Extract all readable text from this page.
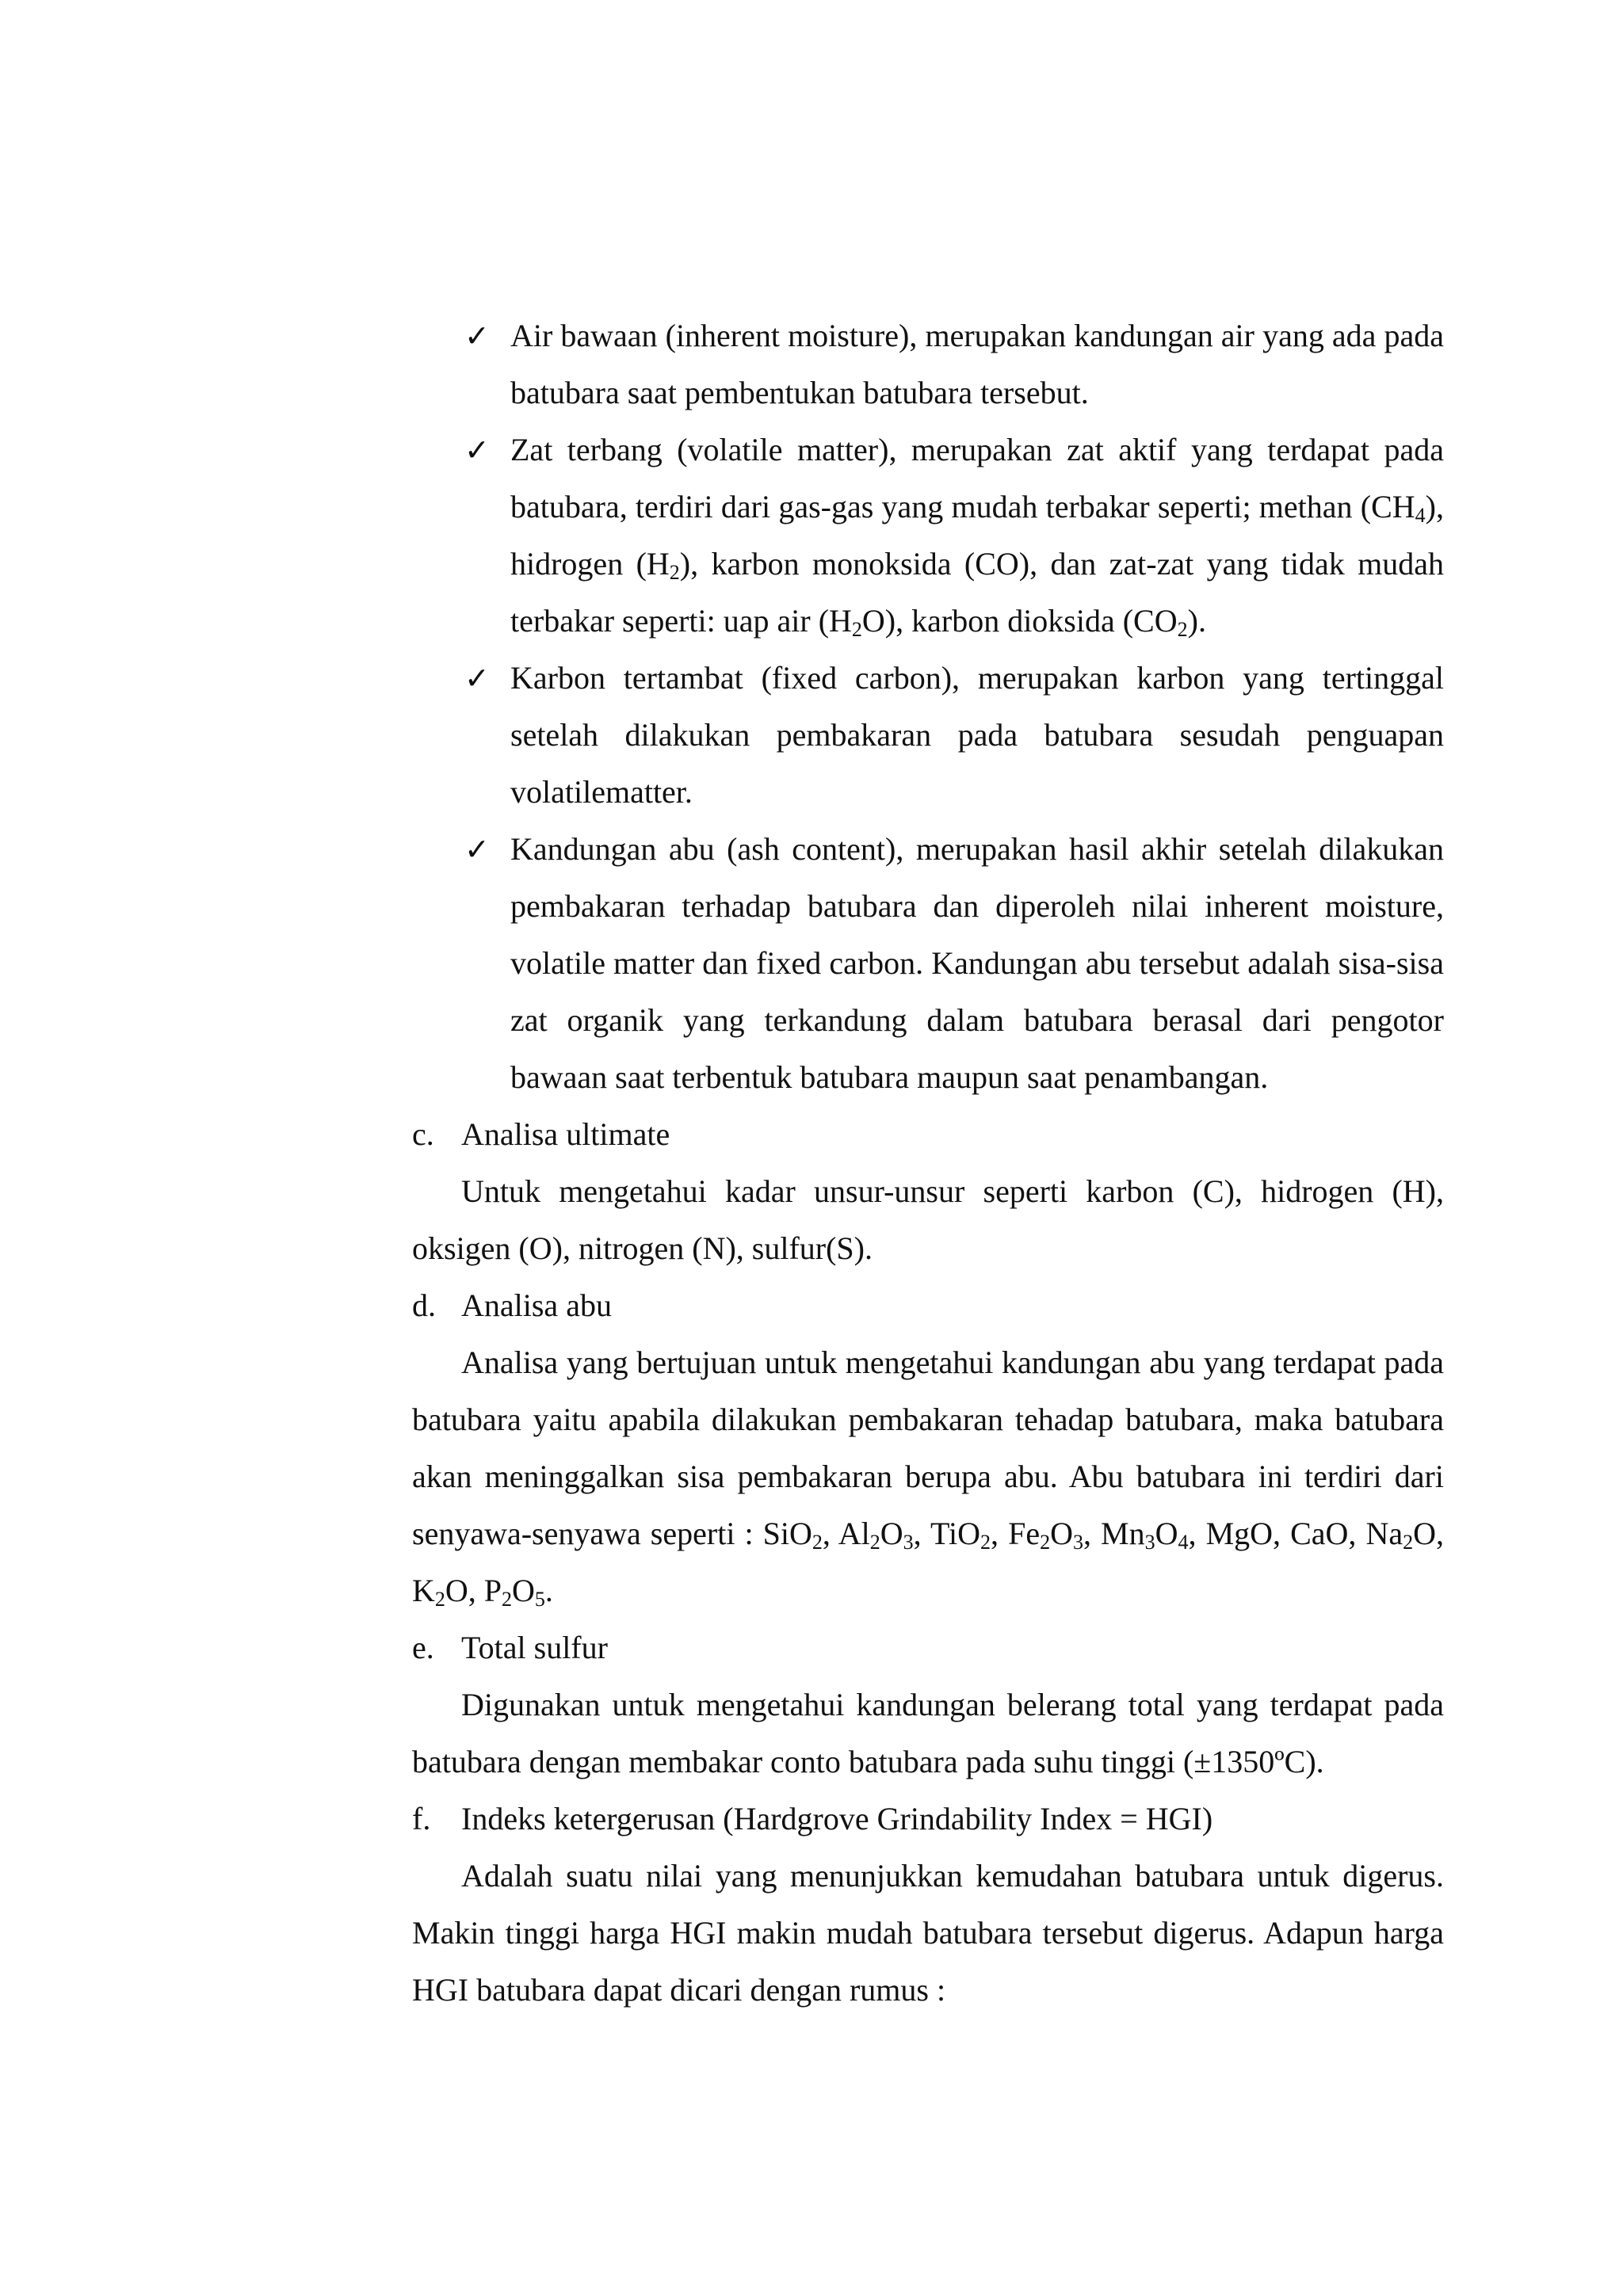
✓ Air bawaan (inherent moisture), merupakan kandungan air yang ada pada batubara saat pembentukan batubara tersebut.
✓ Zat terbang (volatile matter), merupakan zat aktif yang terdapat pada batubara, terdiri dari gas-gas yang mudah terbakar seperti; methan $(CH_4)$, hidrogen $(H_2)$, karbon monoksida (CO), dan zat-zat yang tidak mudah terbakar seperti: uap air $(H_2O)$, karbon dioksida $(CO_2)$.
✓ Karbon tertambat (fixed carbon), merupakan karbon yang tertinggal setelah dilakukan pembakaran pada batubara sesudah penguapan volatilematter.
✓ Kandungan abu (ash content), merupakan hasil akhir setelah dilakukan pembakaran terhadap batubara dan diperoleh nilai inherent moisture, volatile matter dan fixed carbon. Kandungan abu tersebut adalah sisa-sisa zat organik yang terkandung dalam batubara berasal dari pengotor bawaan saat terbentuk batubara maupun saat penambangan.
c. Analisa ultimate

Untuk mengetahui kadar unsur-unsur seperti karbon (C), hidrogen (H), oksigen (O), nitrogen (N), sulfur(S).

d. Analisa abu

Analisa yang bertujuan untuk mengetahui kandungan abu yang terdapat pada batubara yaitu apabila dilakukan pembakaran tehadap batubara, maka batubara akan meninggalkan sisa pembakaran berupa abu. Abu batubara ini terdiri dari senyawa-senyawa seperti : SiO$_2$, $Al_2O_3$, TiO$_2$, $Fe_2O_3$, $Mn_3O_4$, MgO, CaO, $Na_2O$, $K_2O$, $P_2O_5$.

e. Total sulfur

Digunakan untuk mengetahui kandungan belerang total yang terdapat pada batubara dengan membakar conto batubara pada suhu tinggi (±1350ºC).

f. Indeks ketergerusan (Hardgrove Grindability Index = HGI)

Adalah suatu nilai yang menunjukkan kemudahan batubara untuk digerus. Makin tinggi harga HGI makin mudah batubara tersebut digerus. Adapun harga HGI batubara dapat dicari dengan rumus :
